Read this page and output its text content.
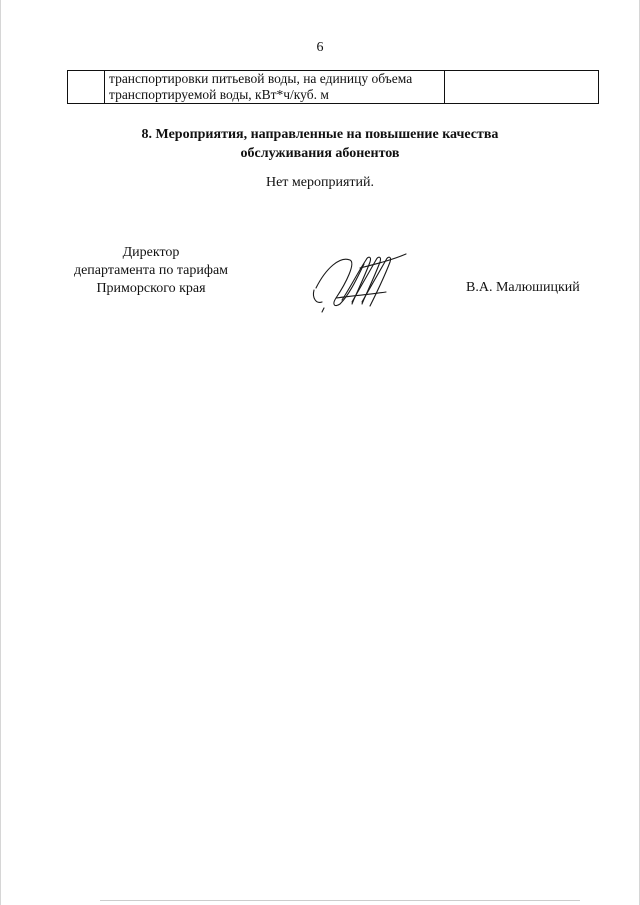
6

транспортировки питьевой воды, на единицу объема
транспортируемой воды, кВт*ч/куб. м

8. Мероприятия, направленные на повышение качества
обслуживания абонентов
Нет мероприятий.
Директор
департамента по тарифам
Приморского края	В.А. Малюшицкий
